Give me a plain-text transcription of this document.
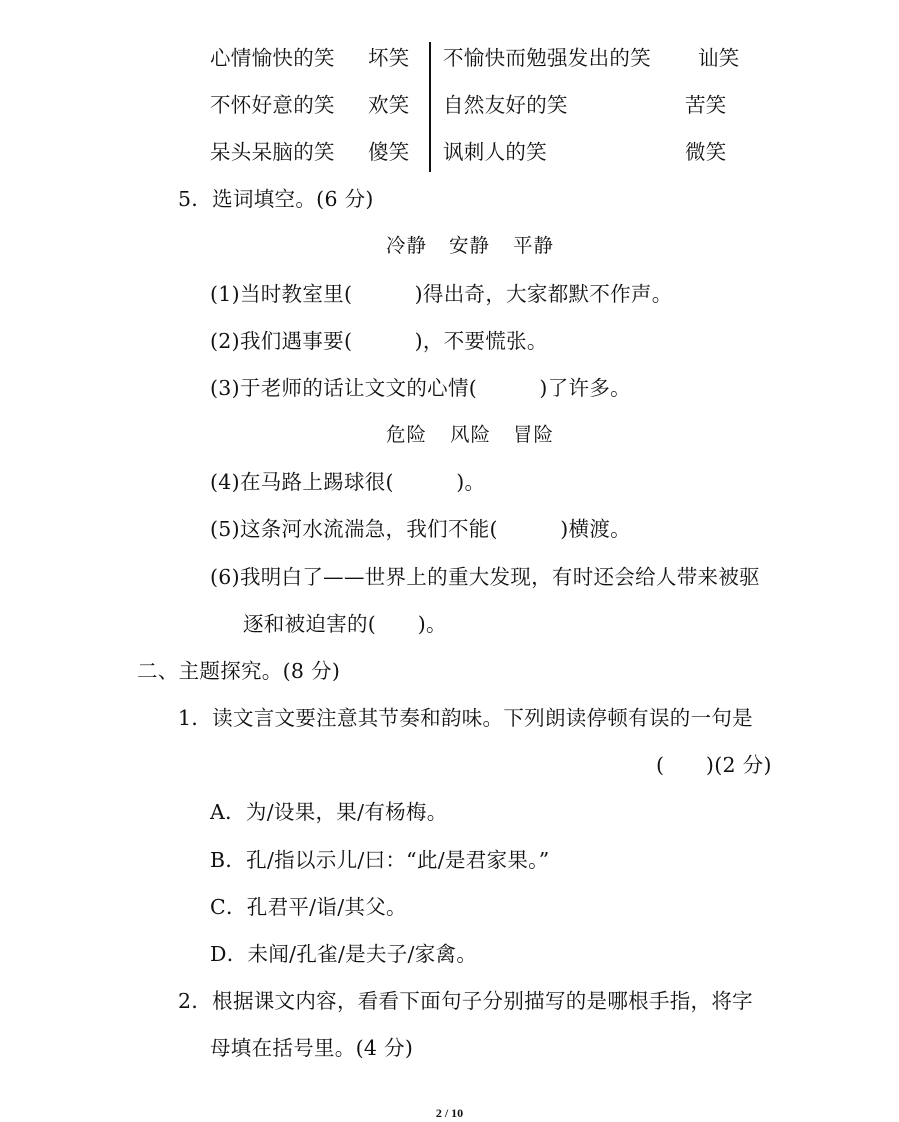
心情愉快的笑 坏笑 不愉快而勉强发出的笑 讪笑
不怀好意的笑 欢笑 自然友好的笑	苦笑
呆头呆脑的笑 傻笑 讽刺人的笑	微笑
5．选词填空。(6 分)
冷静 安静 平静
(1)当时教室里(　　　)得出奇，大家都默不作声。
(2)我们遇事要(　　　)，不要慌张。
(3)于老师的话让文文的心情(　　　)了许多。
危险 风险 冒险
(4)在马路上踢球很(　　　)。
(5)这条河水流湍急，我们不能(　　　)横渡。
(6)我明白了——世界上的重大发现，有时还会给人带来被驱
逐和被迫害的(　　)。
二、主题探究。(8 分)
1．读文言文要注意其节奏和韵味。下列朗读停顿有误的一句是
(　　)(2 分)
A．为/设果，果/有杨梅。
B．孔/指以示儿/曰：“此/是君家果。”
C．孔君平/诣/其父。
D．未闻/孔雀/是夫子/家禽。
2．根据课文内容，看看下面句子分别描写的是哪根手指，将字
母填在括号里。(4 分)
2 / 10
